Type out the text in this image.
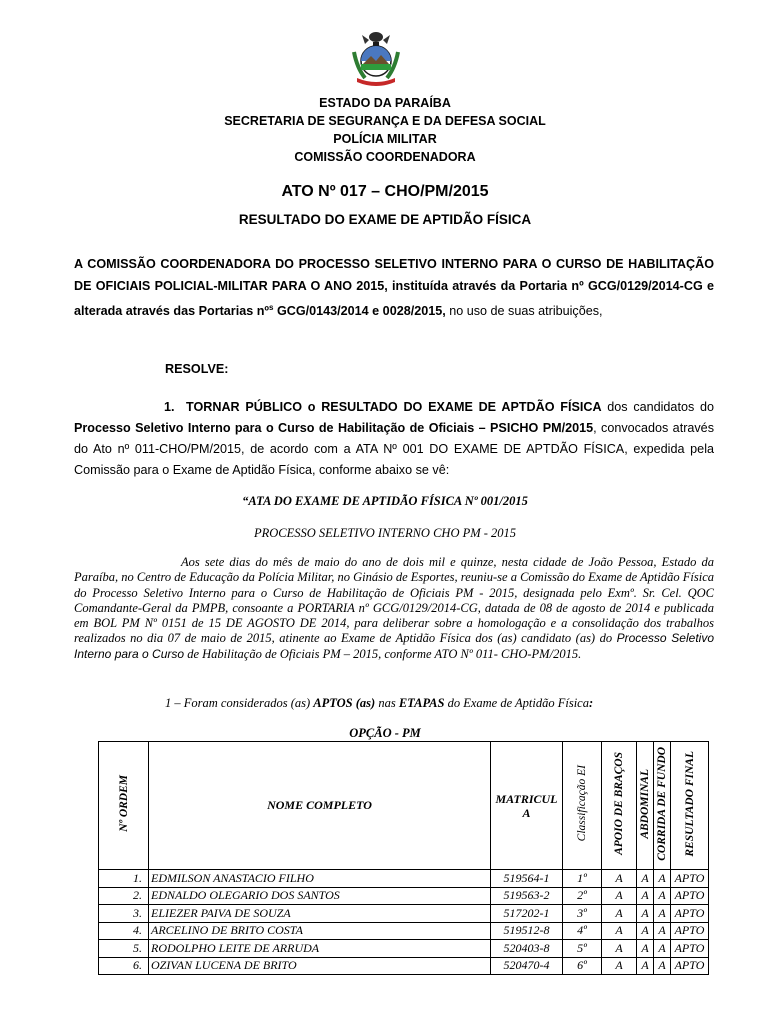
ESTADO DA PARAÍBA
SECRETARIA DE SEGURANÇA E DA DEFESA SOCIAL
POLÍCIA MILITAR
COMISSÃO COORDENADORA
ATO Nº 017 – CHO/PM/2015
RESULTADO DO EXAME DE APTIDÃO FÍSICA
A COMISSÃO COORDENADORA DO PROCESSO SELETIVO INTERNO PARA O CURSO DE HABILITAÇÃO DE OFICIAIS POLICIAL-MILITAR PARA O ANO 2015, instituída através da Portaria nº GCG/0129/2014-CG e alterada através das Portarias nº$^s$ GCG/0143/2014 e 0028/2015, no uso de suas atribuições,
RESOLVE:
1. TORNAR PÚBLICO o RESULTADO DO EXAME DE APTDÃO FÍSICA dos candidatos do Processo Seletivo Interno para o Curso de Habilitação de Oficiais – PSICHO PM/2015, convocados através do Ato nº 011-CHO/PM/2015, de acordo com a ATA Nº 001 DO EXAME DE APTDÃO FÍSICA, expedida pela Comissão para o Exame de Aptidão Física, conforme abaixo se vê:
“ATA DO EXAME DE APTIDÃO FÍSICA Nº 001/2015
PROCESSO SELETIVO INTERNO CHO PM - 2015
Aos sete dias do mês de maio do ano de dois mil e quinze, nesta cidade de João Pessoa, Estado da Paraíba, no Centro de Educação da Polícia Militar, no Ginásio de Esportes, reuniu-se a Comissão do Exame de Aptidão Física do Processo Seletivo Interno para o Curso de Habilitação de Oficiais PM - 2015, designada pelo Exmº. Sr. Cel. QOC Comandante-Geral da PMPB, consoante a PORTARIA nº GCG/0129/2014-CG, datada de 08 de agosto de 2014 e publicada em BOL PM Nº 0151 de 15 DE AGOSTO DE 2014, para deliberar sobre a homologação e a consolidação dos trabalhos realizados no dia 07 de maio de 2015, atinente ao Exame de Aptidão Física dos (as) candidato (as) do Processo Seletivo Interno para o Curso de Habilitação de Oficiais PM – 2015, conforme ATO Nº 011- CHO-PM/2015.
1 – Foram considerados (as) APTOS (as) nas ETAPAS do Exame de Aptidão Física:
OPÇÃO - PM
Nº ORDEM	NOME COMPLETO	MATRICULA	Classificação EI	APOIO DE BRAÇOS	ABDOMINAL	CORRIDA DE FUNDO	RESULTADO FINAL
1.	EDMILSON ANASTACIO FILHO	519564-1	1º	A	A	A	APTO
2.	EDNALDO OLEGARIO DOS SANTOS	519563-2	2º	A	A	A	APTO
3.	ELIEZER PAIVA DE SOUZA	517202-1	3º	A	A	A	APTO
4.	ARCELINO DE BRITO COSTA	519512-8	4º	A	A	A	APTO
5.	RODOLPHO LEITE DE ARRUDA	520403-8	5º	A	A	A	APTO
6.	OZIVAN LUCENA DE BRITO	520470-4	6º	A	A	A	APTO
